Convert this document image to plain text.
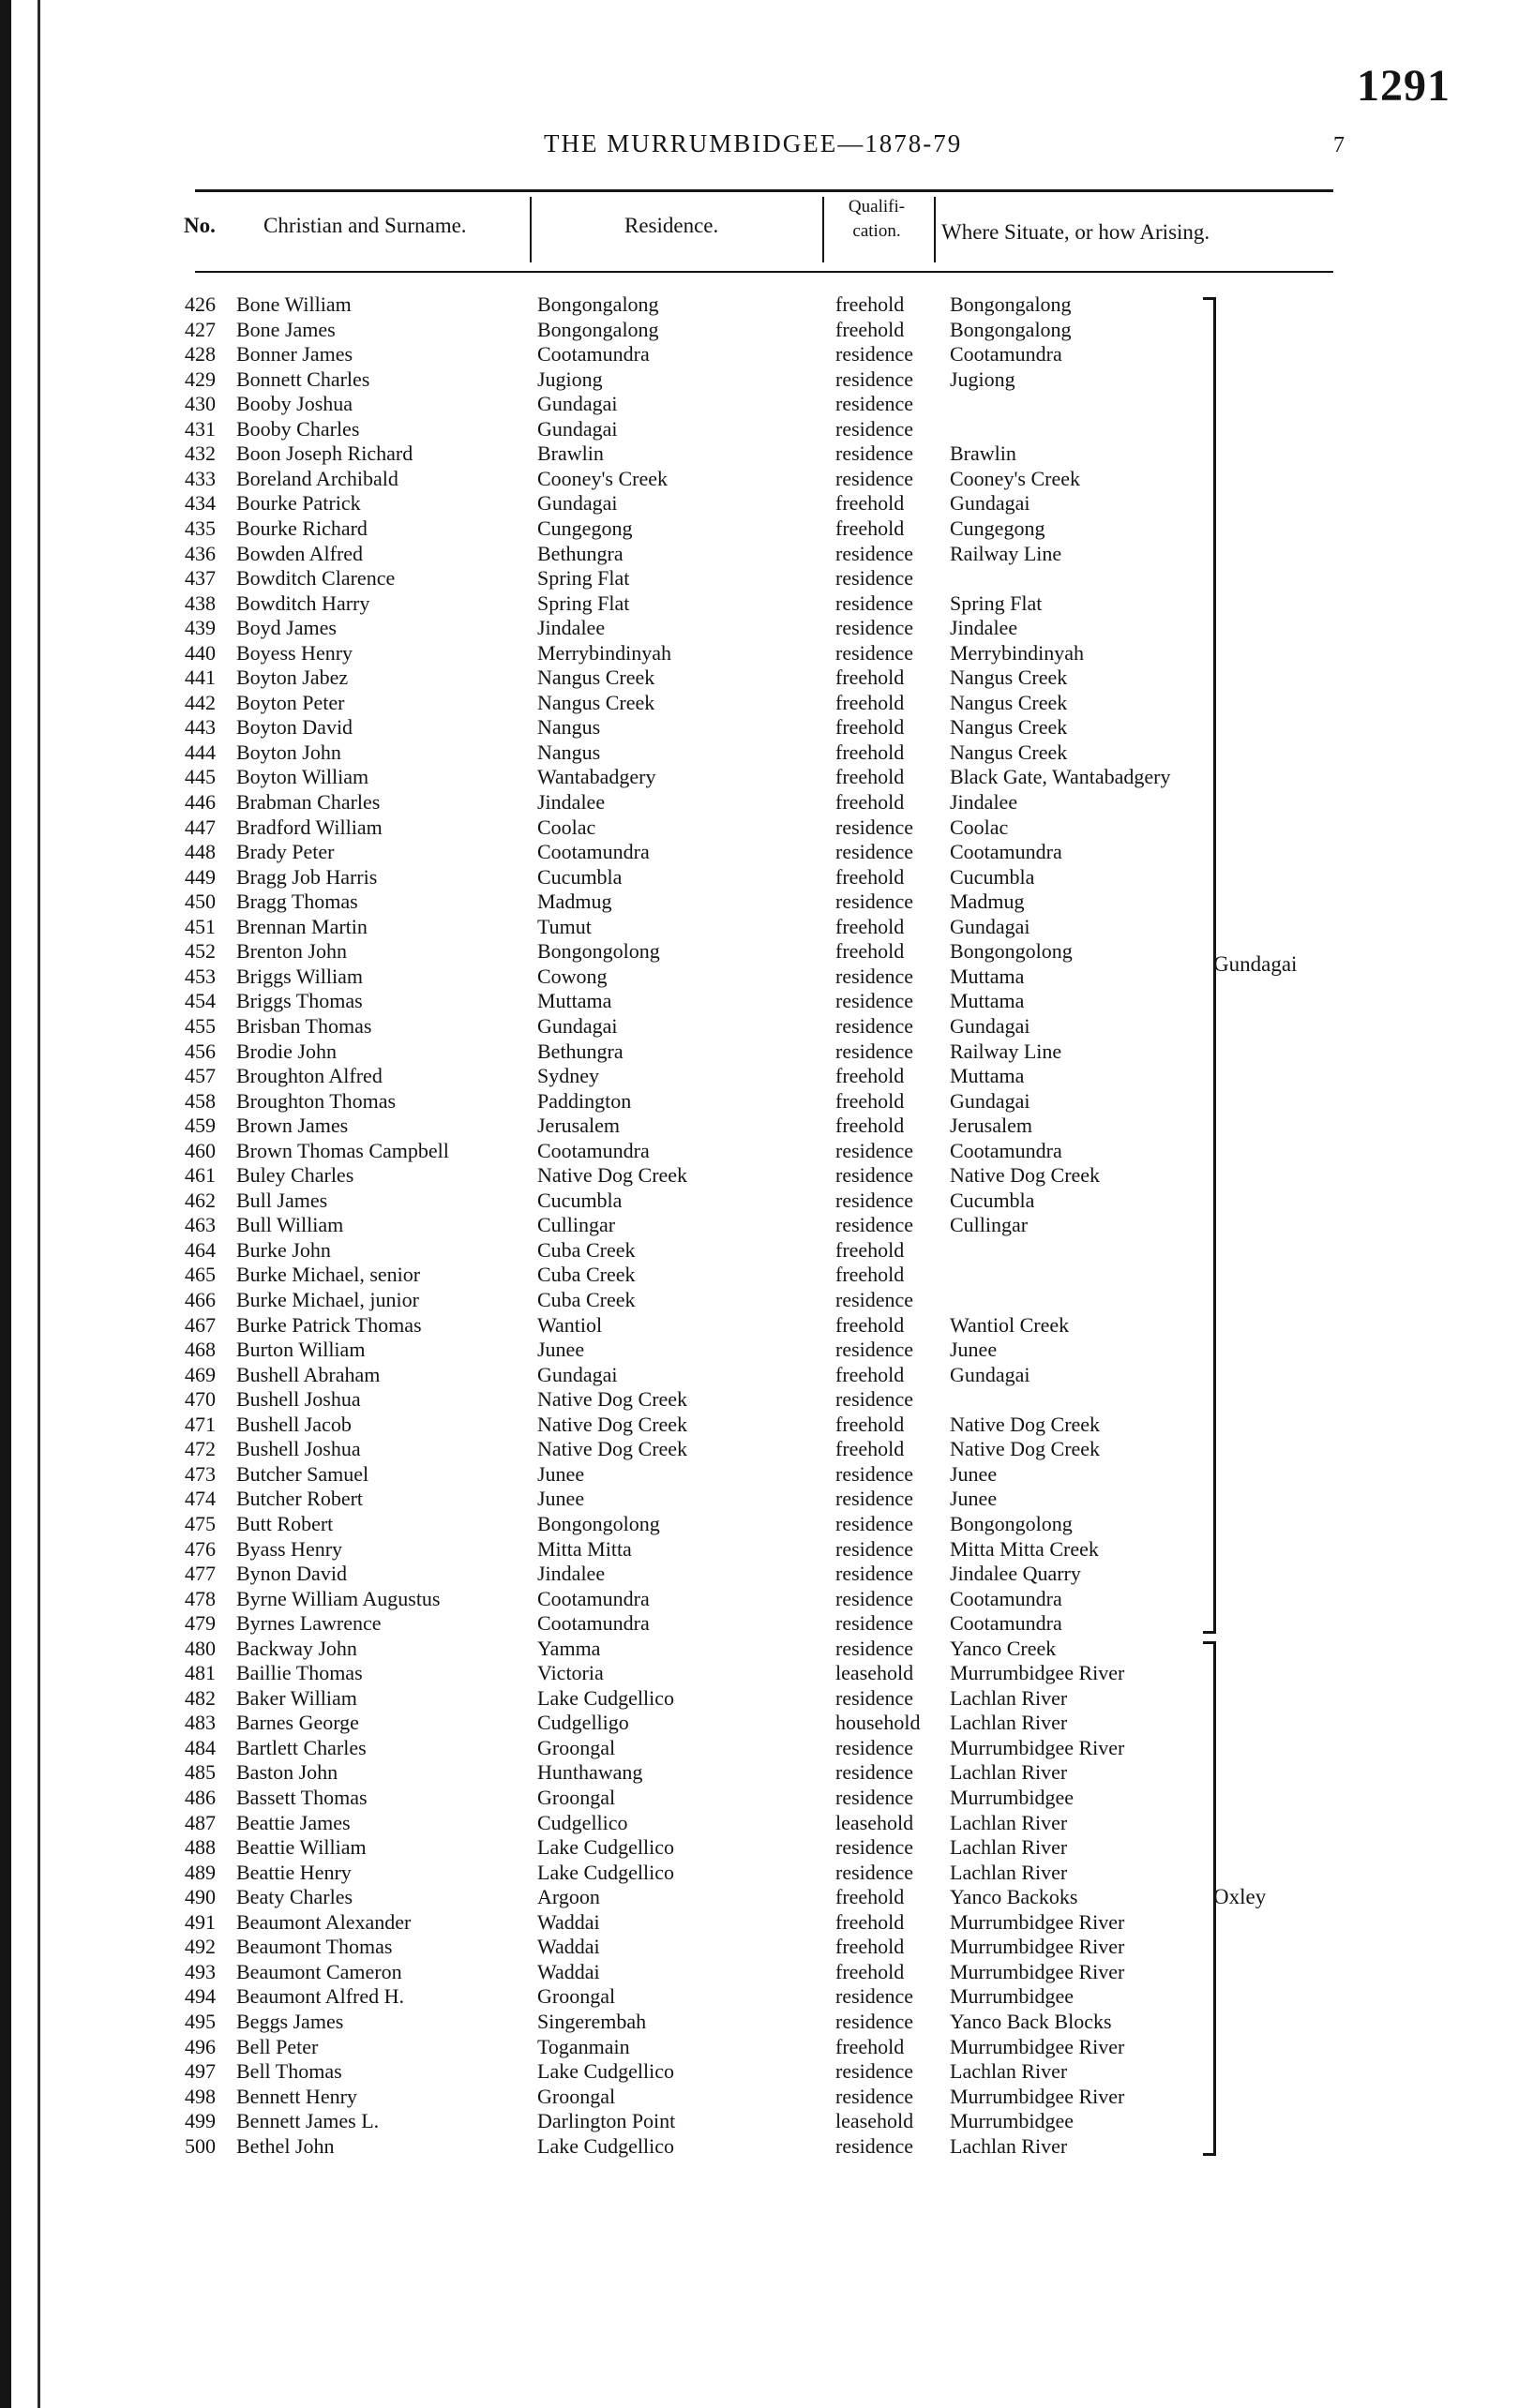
1291
THE MURRUMBIDGEE—1878-79	7
No. Christian and Surname.	Residence.
Qualifi-cation.	Where Situate, or how Arising.
426 Bone William	Bongongalong	freehold Bongongalong
427 Bone James	Bongongalong	freehold Bongongalong
428 Bonner James	Cootamundra	residence Cootamundra
429 Bonnett Charles	Jugiong	residence Jugiong
430 Booby Joshua	Gundagai	residence
431 Booby Charles	Gundagai	residence
432 Boon Joseph Richard	Brawlin	residence Brawlin
433 Boreland Archibald	Cooney's Creek	residence Cooney's Creek
434 Bourke Patrick	Gundagai	freehold Gundagai
435 Bourke Richard	Cungegong	freehold Cungegong
436 Bowden Alfred	Bethungra	residence Railway Line
437 Bowditch Clarence	Spring Flat	residence
438 Bowditch Harry	Spring Flat	residence Spring Flat
439 Boyd James	Jindalee	residence Jindalee
440 Boyess Henry	Merrybindinyah	residence Merrybindinyah
441 Boyton Jabez	Nangus Creek	freehold Nangus Creek
442 Boyton Peter	Nangus Creek	freehold Nangus Creek
443 Boyton David	Nangus	freehold Nangus Creek
444 Boyton John	Nangus	freehold Nangus Creek
445 Boyton William	Wantabadgery	freehold Black Gate, Wantabadgery
446 Brabman Charles	Jindalee	freehold Jindalee
447 Bradford William	Coolac	residence Coolac
448 Brady Peter	Cootamundra	residence Cootamundra
449 Bragg Job Harris	Cucumbla	freehold Cucumbla
450 Bragg Thomas	Madmug	residence Madmug
451 Brennan Martin	Tumut	freehold Gundagai
452 Brenton John	Bongongolong	freehold Bongongolong
453 Briggs William	Cowong	residence Muttama
454 Briggs Thomas	Muttama	residence Muttama
455 Brisban Thomas	Gundagai	residence Gundagai
456 Brodie John	Bethungra	residence Railway Line
457 Broughton Alfred	Sydney	freehold Muttama
458 Broughton Thomas	Paddington	freehold Gundagai
459 Brown James	Jerusalem	freehold Jerusalem
460 Brown Thomas Campbell	Cootamundra	residence Cootamundra
461 Buley Charles	Native Dog Creek	residence Native Dog Creek
462 Bull James	Cucumbla	residence Cucumbla
463 Bull William	Cullingar	residence Cullingar
464 Burke John	Cuba Creek	freehold
465 Burke Michael, senior	Cuba Creek	freehold
466 Burke Michael, junior	Cuba Creek	residence
467 Burke Patrick Thomas	Wantiol	freehold Wantiol Creek
468 Burton William	Junee	residence Junee
469 Bushell Abraham	Gundagai	freehold Gundagai
470 Bushell Joshua	Native Dog Creek	residence
471 Bushell Jacob	Native Dog Creek	freehold Native Dog Creek
472 Bushell Joshua	Native Dog Creek	freehold Native Dog Creek
473 Butcher Samuel	Junee	residence Junee
474 Butcher Robert	Junee	residence Junee
475 Butt Robert	Bongongolong	residence Bongongolong
476 Byass Henry	Mitta Mitta	residence Mitta Mitta Creek
477 Bynon David	Jindalee	residence Jindalee Quarry
478 Byrne William Augustus	Cootamundra	residence Cootamundra
479 Byrnes Lawrence	Cootamundra	residence Cootamundra
480 Backway John	Yamma	residence Yanco Creek
481 Baillie Thomas	Victoria	leasehold Murrumbidgee River
482 Baker William	Lake Cudgellico	residence Lachlan River
483 Barnes George	Cudgelligo	household Lachlan River
484 Bartlett Charles	Groongal	residence Murrumbidgee River
485 Baston John	Hunthawang	residence Lachlan River
486 Bassett Thomas	Groongal	residence Murrumbidgee
487 Beattie James	Cudgellico	leasehold Lachlan River
488 Beattie William	Lake Cudgellico	residence Lachlan River
489 Beattie Henry	Lake Cudgellico	residence Lachlan River
490 Beaty Charles	Argoon	freehold Yanco Backoks
491 Beaumont Alexander	Waddai	freehold Murrumbidgee River
492 Beaumont Thomas	Waddai	freehold Murrumbidgee River
493 Beaumont Cameron	Waddai	freehold Murrumbidgee River
494 Beaumont Alfred H.	Groongal	residence Murrumbidgee
495 Beggs James	Singerembah	residence Yanco Back Blocks
496 Bell Peter	Toganmain	freehold Murrumbidgee River
497 Bell Thomas	Lake Cudgellico	residence Lachlan River
498 Bennett Henry	Groongal	residence Murrumbidgee River
499 Bennett James L.	Darlington Point	leasehold Murrumbidgee
500 Bethel John	Lake Cudgellico	residence Lachlan River
Gundagai
Oxley
